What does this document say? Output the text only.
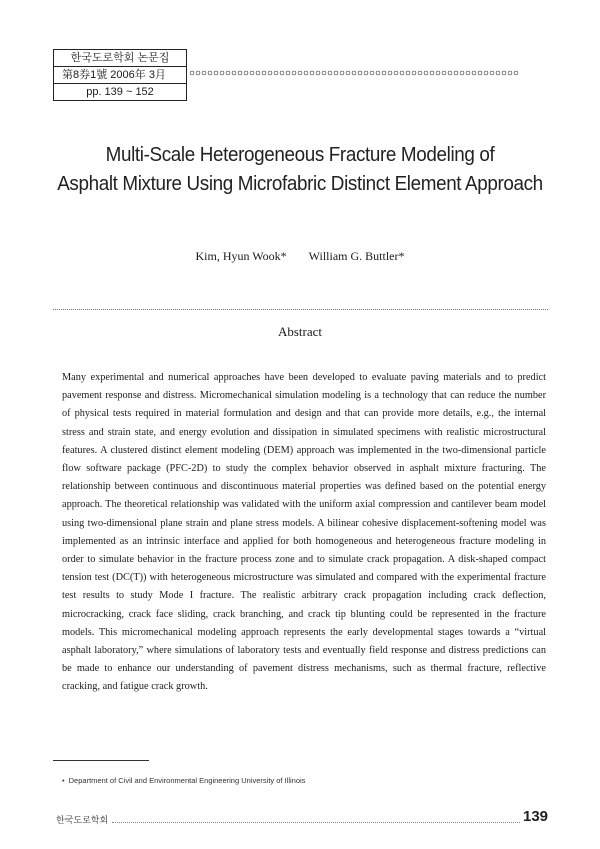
한국도로학회 논문집
第8券1號 2006年 3月
pp. 139 ~ 152
Multi-Scale Heterogeneous Fracture Modeling of
Asphalt Mixture Using Microfabric Distinct Element Approach
Kim, Hyun Wook* William G. Buttler*
Abstract
Many experimental and numerical approaches have been developed to evaluate paving materials and to predict pavement response and distress. Micromechanical simulation modeling is a technology that can reduce the number of physical tests required in material formulation and design and that can provide more details, e.g., the internal stress and strain state, and energy evolution and dissipation in simulated specimens with realistic microstructural features. A clustered distinct element modeling (DEM) approach was implemented in the two-dimensional particle flow software package (PFC-2D) to study the complex behavior observed in asphalt mixture fracturing. The relationship between continuous and discontinuous material properties was defined based on the potential energy approach. The theoretical relationship was validated with the uniform axial compression and cantilever beam model using two-dimensional plane strain and plane stress models. A bilinear cohesive displacement-softening model was implemented as an intrinsic interface and applied for both homogeneous and heterogeneous fracture modeling in order to simulate behavior in the fracture process zone and to simulate crack propagation. A disk-shaped compact tension test (DC(T)) with heterogeneous microstructure was simulated and compared with the experimental fracture test results to study Mode I fracture. The realistic arbitrary crack propagation including crack deflection, microcracking, crack face sliding, crack branching, and crack tip blunting could be represented in the fracture models. This micromechanical modeling approach represents the early developmental stages towards a “virtual asphalt laboratory,” where simulations of laboratory tests and eventually field response and distress predictions can be made to enhance our understanding of pavement distress mechanisms, such as thermal fracture, reflective cracking, and fatigue crack growth.
• Department of Civil and Environmental Engineering University of Illinois
한국도로학회	139
